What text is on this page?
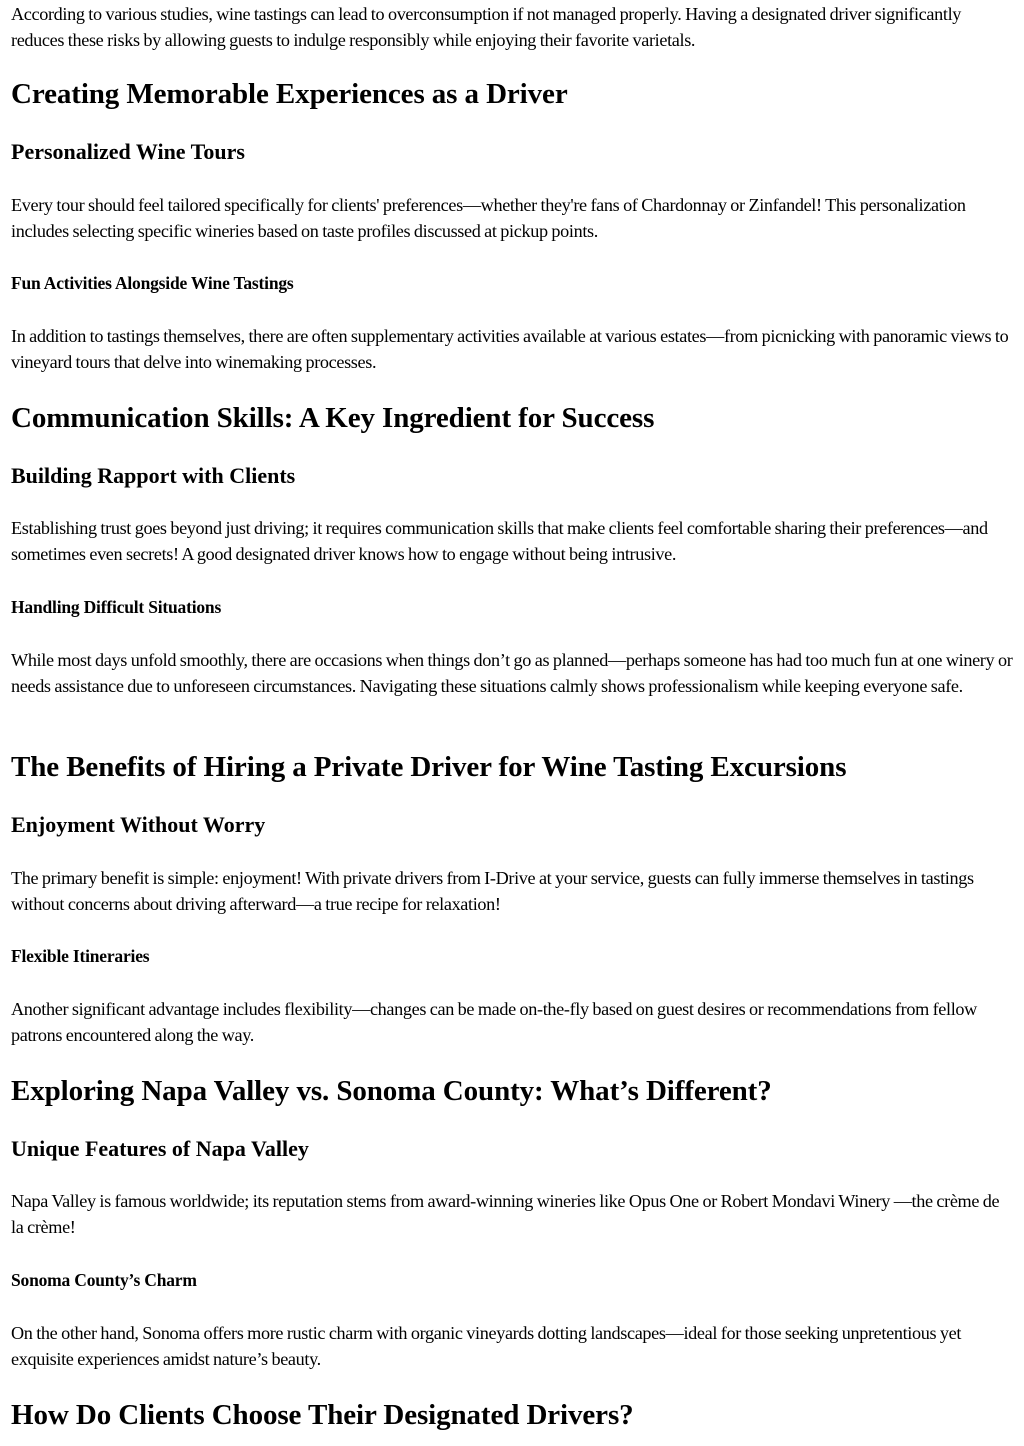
According to various studies, wine tastings can lead to overconsumption if not managed properly. Having a designated driver significantly reduces these risks by allowing guests to indulge responsibly while enjoying their favorite varietals.

Creating Memorable Experiences as a Driver
Personalized Wine Tours

Every tour should feel tailored specifically for clients' preferences—whether they're fans of Chardonnay or Zinfandel! This personalization includes selecting specific wineries based on taste profiles discussed at pickup points.

Fun Activities Alongside Wine Tastings

In addition to tastings themselves, there are often supplementary activities available at various estates—from picnicking with panoramic views to vineyard tours that delve into winemaking processes.

Communication Skills: A Key Ingredient for Success
Building Rapport with Clients

Establishing trust goes beyond just driving; it requires communication skills that make clients feel comfortable sharing their preferences—and sometimes even secrets! A good designated driver knows how to engage without being intrusive.

Handling Difficult Situations

While most days unfold smoothly, there are occasions when things don’t go as planned—perhaps someone has had too much fun at one winery or needs assistance due to unforeseen circumstances. Navigating these situations calmly shows professionalism while keeping everyone safe.

The Benefits of Hiring a Private Driver for Wine Tasting Excursions
Enjoyment Without Worry

The primary benefit is simple: enjoyment! With private drivers from I-Drive at your service, guests can fully immerse themselves in tastings without concerns about driving afterward—a true recipe for relaxation!

Flexible Itineraries

Another significant advantage includes flexibility—changes can be made on-the-fly based on guest desires or recommendations from fellow patrons encountered along the way.

Exploring Napa Valley vs. Sonoma County: What’s Different?
Unique Features of Napa Valley

Napa Valley is famous worldwide; its reputation stems from award-winning wineries like Opus One or Robert Mondavi Winery —the crème de la crème!

Sonoma County’s Charm

On the other hand, Sonoma offers more rustic charm with organic vineyards dotting landscapes—ideal for those seeking unpretentious yet exquisite experiences amidst nature’s beauty.

How Do Clients Choose Their Designated Drivers?
